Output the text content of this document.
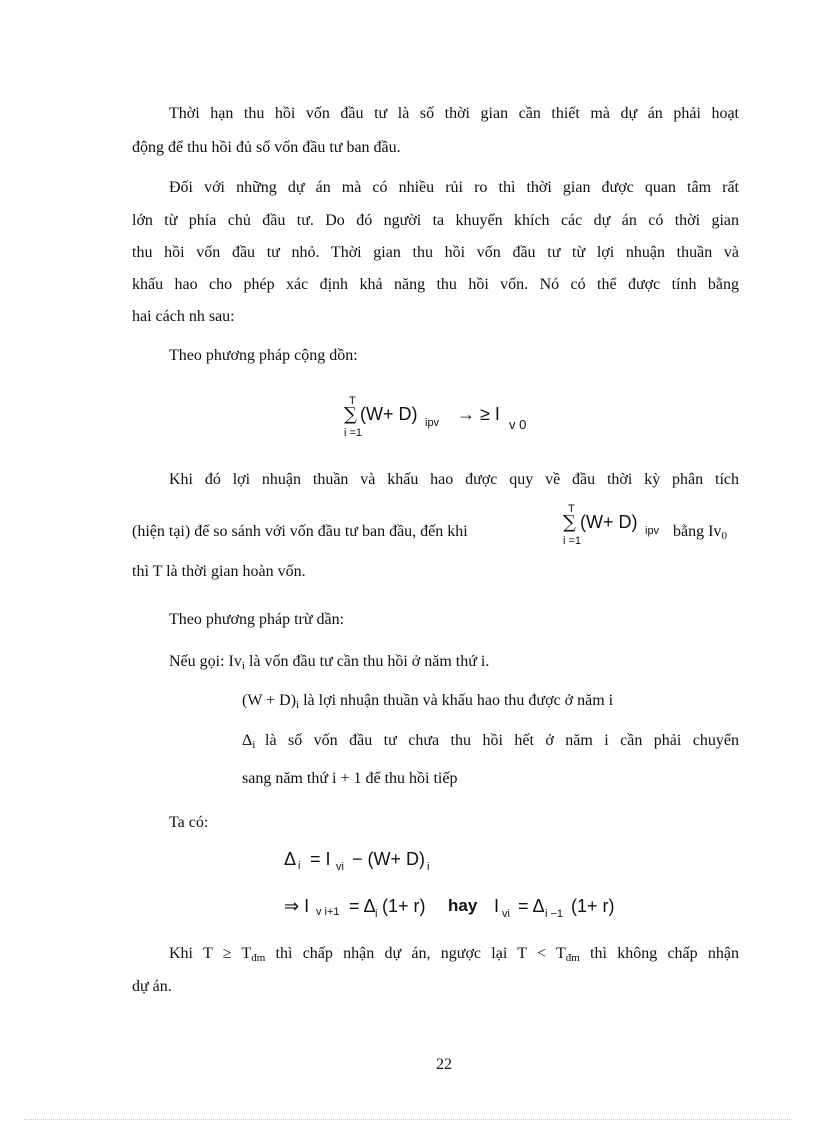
Thời hạn thu hồi vốn đầu tư là số thời gian cần thiết mà dự án phải hoạt
động để thu hồi đủ số vốn đầu tư ban đầu.
Đối với những dự án mà có nhiều rủi ro thì thời gian được quan tâm rất
lớn từ phía chủ đầu tư. Do đó người ta khuyến khích các dự án có thời gian
thu hồi vốn đầu tư nhỏ. Thời gian thu hồi vốn đầu tư từ lợi nhuận thuần và
khấu hao cho phép xác định khả năng thu hồi vốn. Nó có thể được tính bằng
hai cách nh sau:
Theo phương pháp cộng dồn:
T
∑
i =1
(W+ D) ipv → ≥ I
v 0
Khi đó lợi nhuận thuần và khấu hao được quy về đầu thời kỳ phân tích
(hiện tại) để so sánh với vốn đầu tư ban đầu, đến khi
T
∑
i =1
(W+ D) ipv bằng $Iv_0$
thì T là thời gian hoàn vốn.
Theo phương pháp trừ dần:
Nếu gọi: $Iv_i$ là vốn đầu tư cần thu hồi ở năm thứ i.
$(W + D)_i$ là lợi nhuận thuần và khấu hao thu được ở năm i
$\Delta_i$ là số vốn đầu tư chưa thu hồi hết ở năm i cần phải chuyển
sang năm thứ i + 1 để thu hồi tiếp
Ta có:
Δ i = I vi − (W+ D) i
⇒ I v i+1 = Δ i (1+ r) hay I vi = Δ i −1 (1+ r)
Khi $T \ge T_{đm}$ thì chấp nhận dự án, ngược lại $T < T_{đm}$ thì không chấp nhận
dự án.
22
